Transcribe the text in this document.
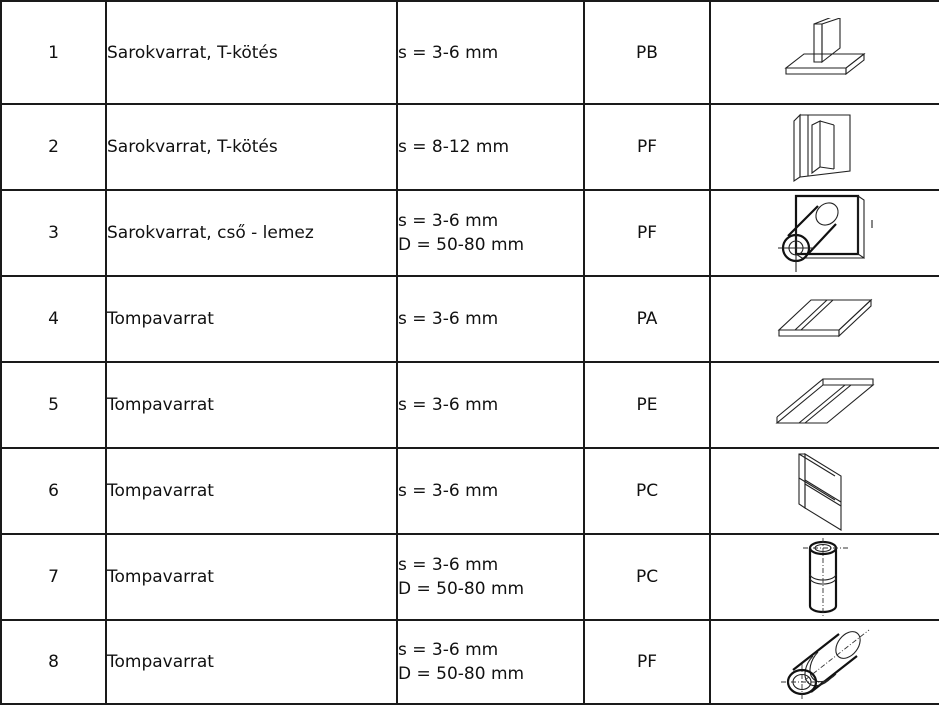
1	Sarokvarrat, T-kötés	s = 3-6 mm	PB	

2	Sarokvarrat, T-kötés	s = 8-12 mm	PF	

3	Sarokvarrat, cső - lemez	s = 3-6 mm
D = 50-80 mm	PF	

4	Tompavarrat	s = 3-6 mm	PA	

5	Tompavarrat	s = 3-6 mm	PE	

6	Tompavarrat	s = 3-6 mm	PC	

7	Tompavarrat	s = 3-6 mm
D = 50-80 mm	PC	

8	Tompavarrat	s = 3-6 mm
D = 50-80 mm	PF	
